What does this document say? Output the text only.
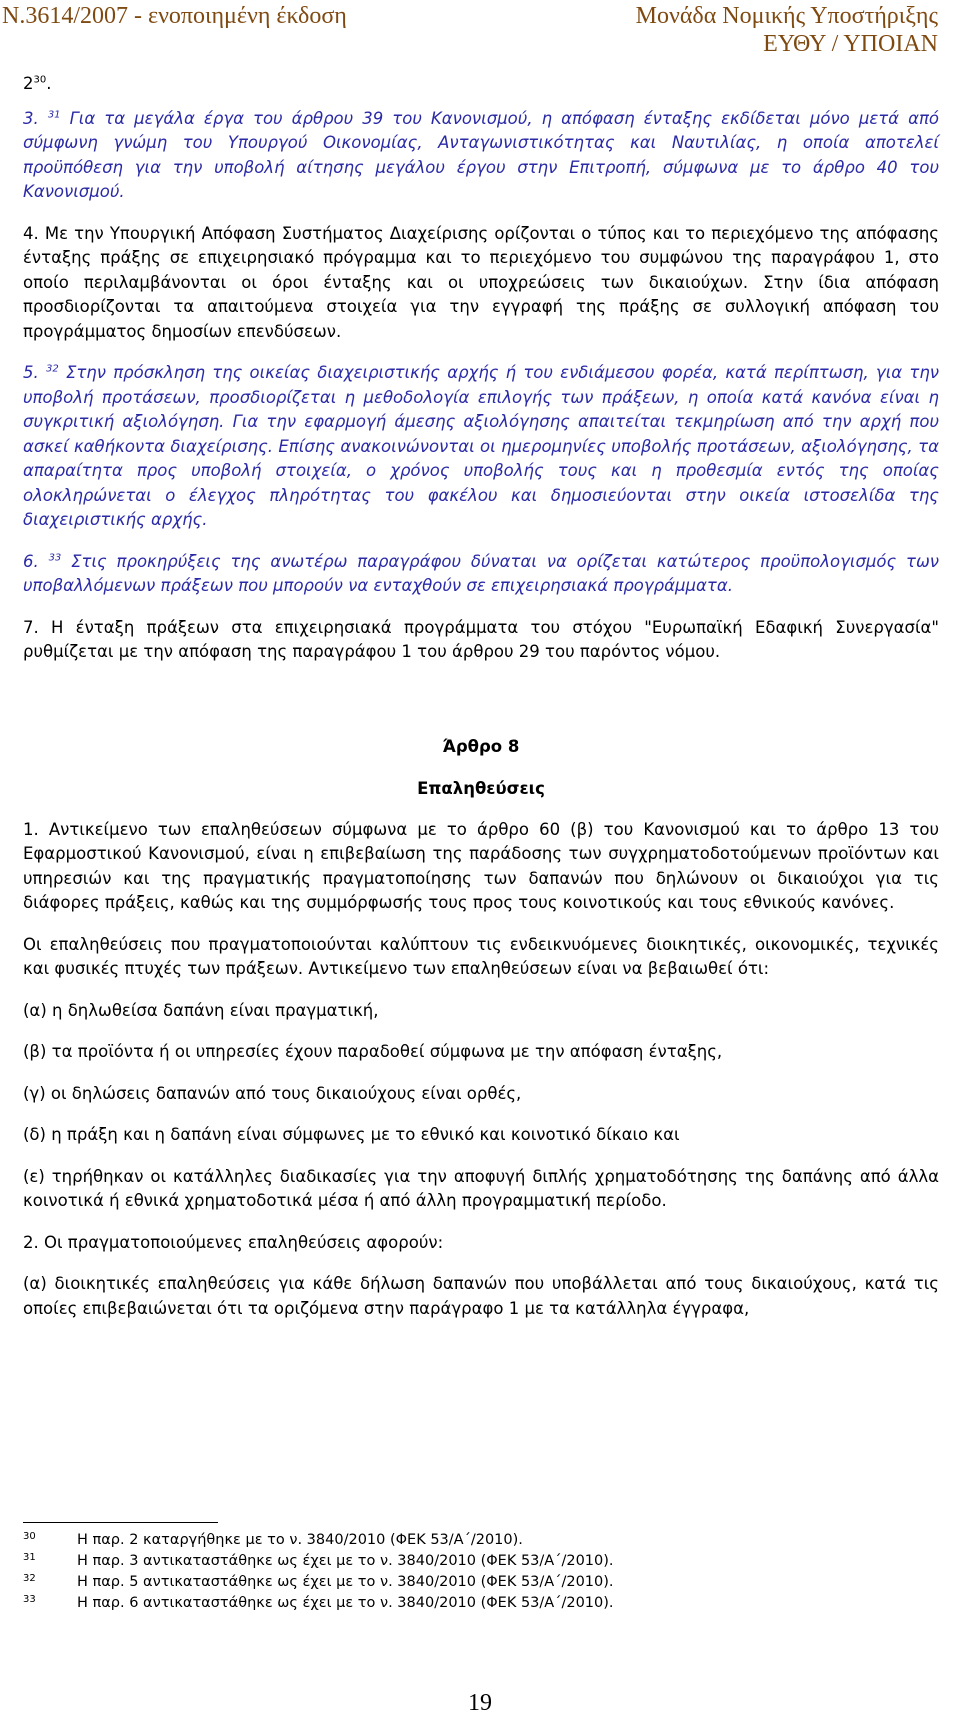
N.3614/2007 - ενοποιημένη έκδοση	Μονάδα Νομικής Υποστήριξης
ΕΥΘΥ / ΥΠΟΙΑΝ

$2^{30}$.

3. $^{31}$ Για τα μεγάλα έργα του άρθρου 39 του Κανονισμού, η απόφαση ένταξης εκδίδεται μόνο μετά από σύμφωνη γνώμη του Υπουργού Οικονομίας, Ανταγωνιστικότητας και Ναυτιλίας, η οποία αποτελεί προϋπόθεση για την υποβολή αίτησης μεγάλου έργου στην Επιτροπή, σύμφωνα με το άρθρο 40 του Κανονισμού.

4. Με την Υπουργική Απόφαση Συστήματος Διαχείρισης ορίζονται ο τύπος και το περιεχόμενο της απόφασης ένταξης πράξης σε επιχειρησιακό πρόγραμμα και το περιεχόμενο του συμφώνου της παραγράφου 1, στο οποίο περιλαμβάνονται οι όροι ένταξης και οι υποχρεώσεις των δικαιούχων. Στην ίδια απόφαση προσδιορίζονται τα απαιτούμενα στοιχεία για την εγγραφή της πράξης σε συλλογική απόφαση του προγράμματος δημοσίων επενδύσεων.

5. $^{32}$ Στην πρόσκληση της οικείας διαχειριστικής αρχής ή του ενδιάμεσου φορέα, κατά περίπτωση, για την υποβολή προτάσεων, προσδιορίζεται η μεθοδολογία επιλογής των πράξεων, η οποία κατά κανόνα είναι η συγκριτική αξιολόγηση. Για την εφαρμογή άμεσης αξιολόγησης απαιτείται τεκμηρίωση από την αρχή που ασκεί καθήκοντα διαχείρισης. Επίσης ανακοινώνονται οι ημερομηνίες υποβολής προτάσεων, αξιολόγησης, τα απαραίτητα προς υποβολή στοιχεία, ο χρόνος υποβολής τους και η προθεσμία εντός της οποίας ολοκληρώνεται ο έλεγχος πληρότητας του φακέλου και δημοσιεύονται στην οικεία ιστοσελίδα της διαχειριστικής αρχής.

6. $^{33}$ Στις προκηρύξεις της ανωτέρω παραγράφου δύναται να ορίζεται κατώτερος προϋπολογισμός των υποβαλλόμενων πράξεων που μπορούν να ενταχθούν σε επιχειρησιακά προγράμματα.

7. Η ένταξη πράξεων στα επιχειρησιακά προγράμματα του στόχου "Ευρωπαϊκή Εδαφική Συνεργασία" ρυθμίζεται με την απόφαση της παραγράφου 1 του άρθρου 29 του παρόντος νόμου.

Άρθρο 8
Επαληθεύσεις

1. Αντικείμενο των επαληθεύσεων σύμφωνα με το άρθρο 60 (β) του Κανονισμού και το άρθρο 13 του Εφαρμοστικού Κανονισμού, είναι η επιβεβαίωση της παράδοσης των συγχρηματοδοτούμενων προϊόντων και υπηρεσιών και της πραγματικής πραγματοποίησης των δαπανών που δηλώνουν οι δικαιούχοι για τις διάφορες πράξεις, καθώς και της συμμόρφωσής τους προς τους κοινοτικούς και τους εθνικούς κανόνες.

Οι επαληθεύσεις που πραγματοποιούνται καλύπτουν τις ενδεικνυόμενες διοικητικές, οικονομικές, τεχνικές και φυσικές πτυχές των πράξεων. Αντικείμενο των επαληθεύσεων είναι να βεβαιωθεί ότι:

(α) η δηλωθείσα δαπάνη είναι πραγματική,

(β) τα προϊόντα ή οι υπηρεσίες έχουν παραδοθεί σύμφωνα με την απόφαση ένταξης,

(γ) οι δηλώσεις δαπανών από τους δικαιούχους είναι ορθές,

(δ) η πράξη και η δαπάνη είναι σύμφωνες με το εθνικό και κοινοτικό δίκαιο και

(ε) τηρήθηκαν οι κατάλληλες διαδικασίες για την αποφυγή διπλής χρηματοδότησης της δαπάνης από άλλα κοινοτικά ή εθνικά χρηματοδοτικά μέσα ή από άλλη προγραμματική περίοδο.

2. Οι πραγματοποιούμενες επαληθεύσεις αφορούν:

(α) διοικητικές επαληθεύσεις για κάθε δήλωση δαπανών που υποβάλλεται από τους δικαιούχους, κατά τις οποίες επιβεβαιώνεται ότι τα οριζόμενα στην παράγραφο 1 με τα κατάλληλα έγγραφα,

30	Η παρ. 2 καταργήθηκε με το ν. 3840/2010 (ΦΕΚ 53/Α΄/2010).
31	Η παρ. 3 αντικαταστάθηκε ως έχει με το ν. 3840/2010 (ΦΕΚ 53/Α΄/2010).
32	Η παρ. 5 αντικαταστάθηκε ως έχει με το ν. 3840/2010 (ΦΕΚ 53/Α΄/2010).
33	Η παρ. 6 αντικαταστάθηκε ως έχει με το ν. 3840/2010 (ΦΕΚ 53/Α΄/2010).
19
